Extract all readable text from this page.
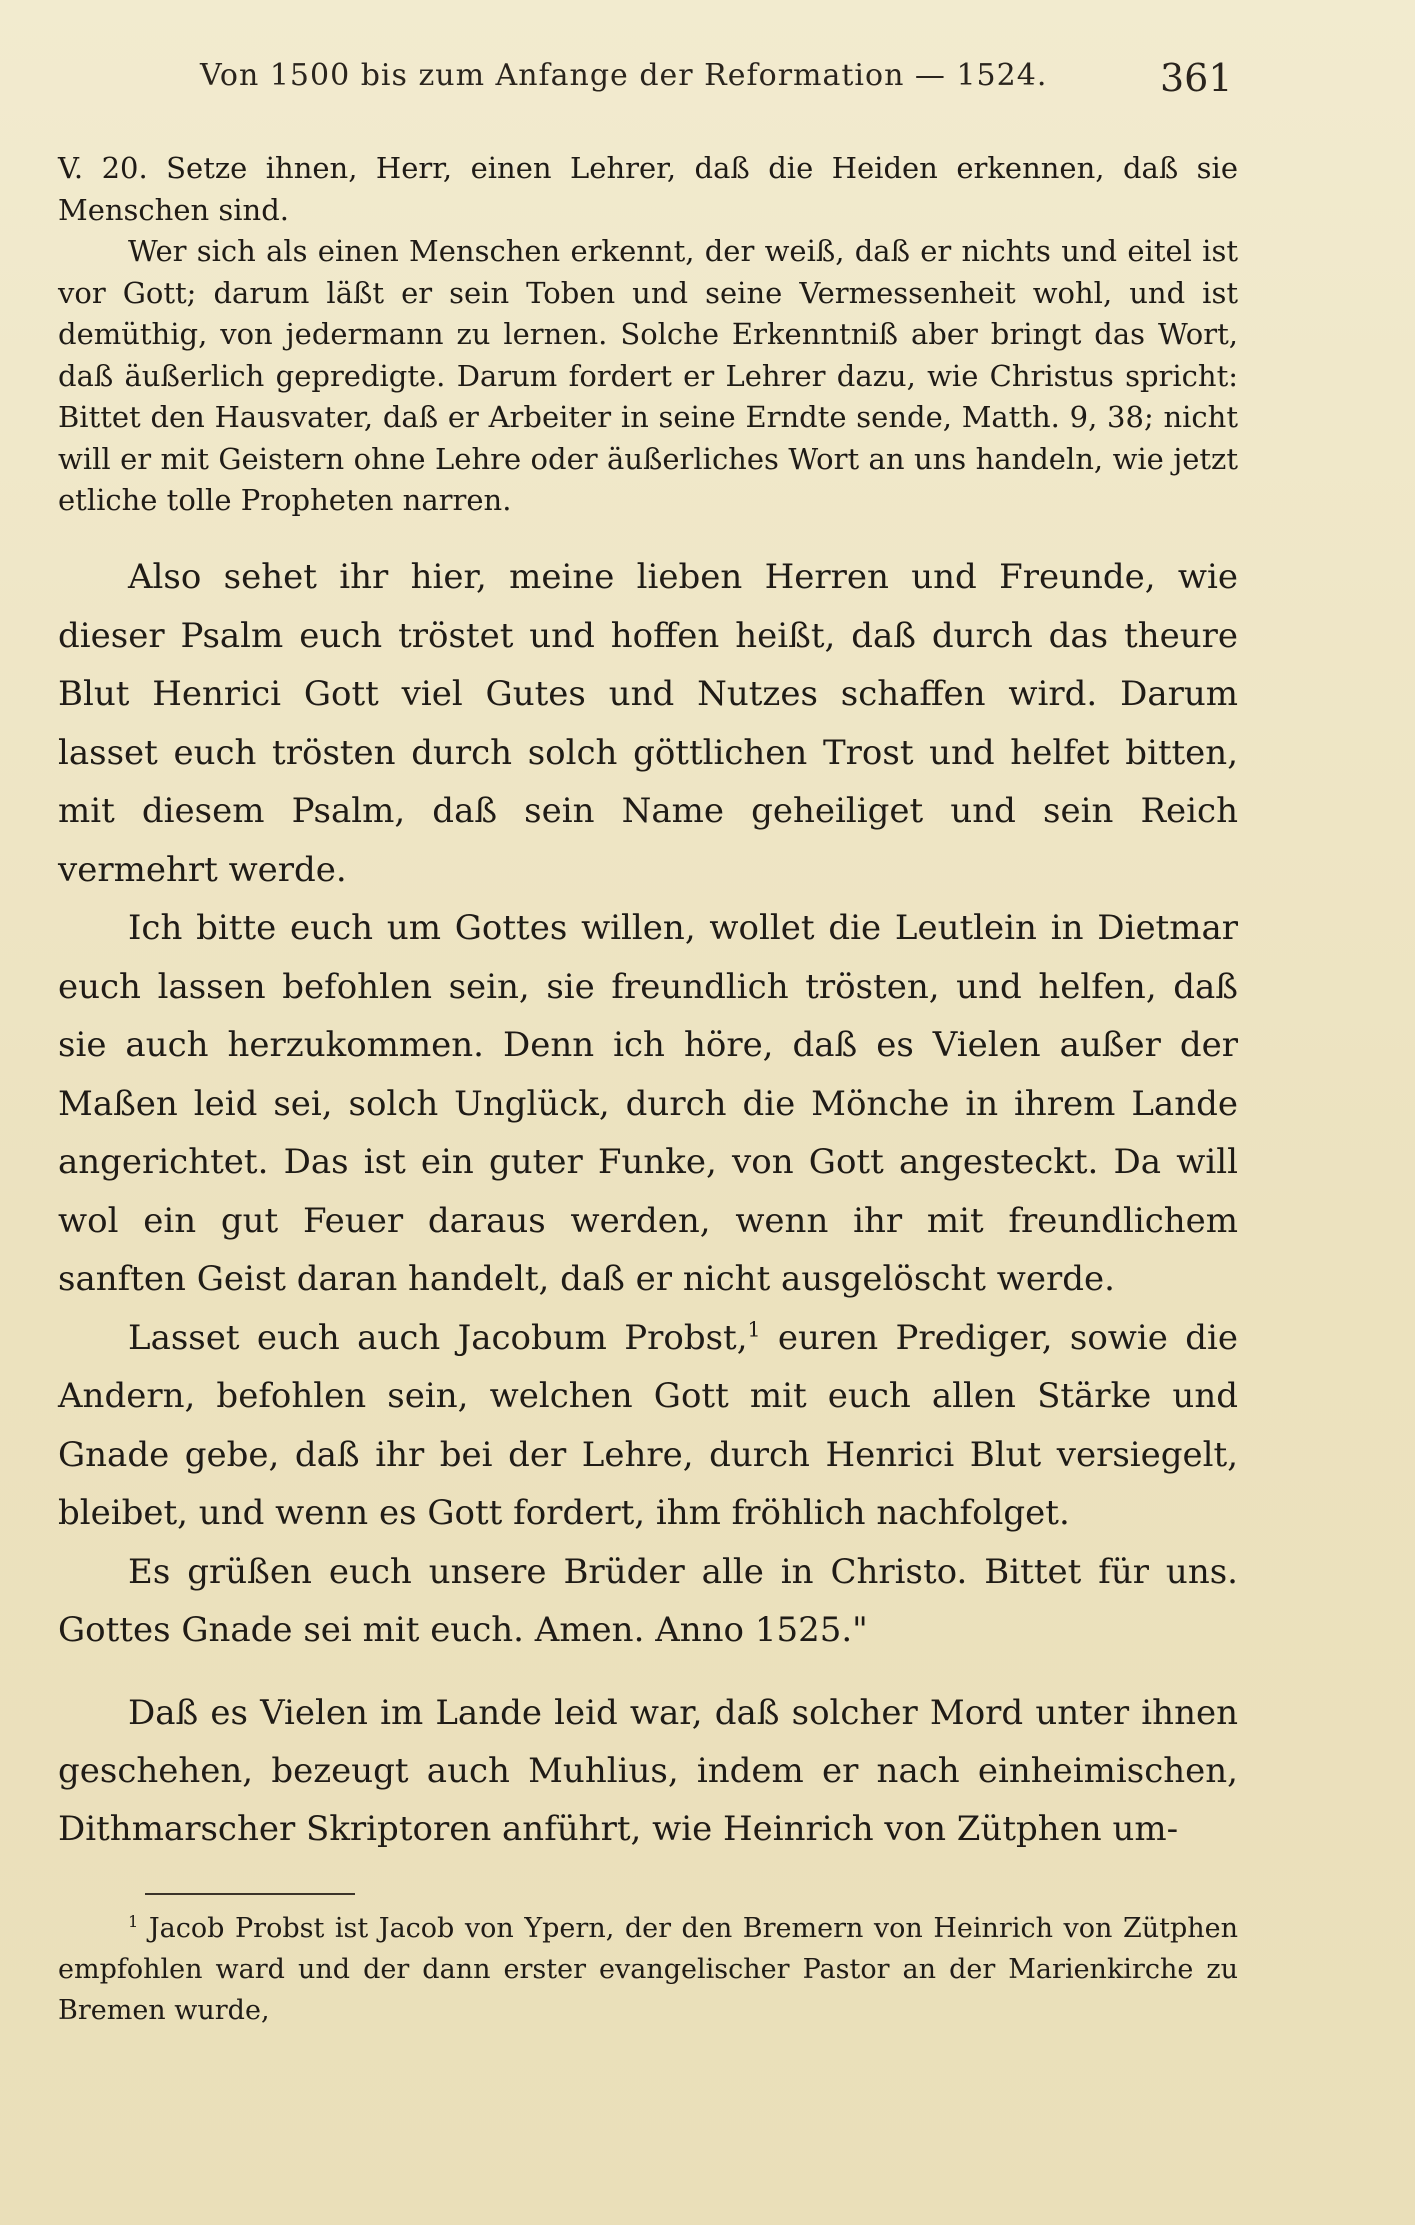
Von 1500 bis zum Anfange der Reformation — 1524.	361

V. 20. Setze ihnen, Herr, einen Lehrer, daß die Heiden erkennen, daß sie Menschen sind.

Wer sich als einen Menschen erkennt, der weiß, daß er nichts und eitel ist vor Gott; darum läßt er sein Toben und seine Vermessenheit wohl, und ist demüthig, von jedermann zu lernen. Solche Erkenntniß aber bringt das Wort, daß äußerlich gepredigte. Darum fordert er Lehrer dazu, wie Christus spricht: Bittet den Hausvater, daß er Arbeiter in seine Erndte sende, Matth. 9, 38; nicht will er mit Geistern ohne Lehre oder äußerliches Wort an uns handeln, wie jetzt etliche tolle Propheten narren.

Also sehet ihr hier, meine lieben Herren und Freunde, wie dieser Psalm euch tröstet und hoffen heißt, daß durch das theure Blut Henrici Gott viel Gutes und Nutzes schaffen wird. Darum lasset euch trösten durch solch göttlichen Trost und helfet bitten, mit diesem Psalm, daß sein Name geheiliget und sein Reich vermehrt werde.

Ich bitte euch um Gottes willen, wollet die Leutlein in Dietmar euch lassen befohlen sein, sie freundlich trösten, und helfen, daß sie auch herzukommen. Denn ich höre, daß es Vielen außer der Maßen leid sei, solch Unglück, durch die Mönche in ihrem Lande angerichtet. Das ist ein guter Funke, von Gott angesteckt. Da will wol ein gut Feuer daraus werden, wenn ihr mit freundlichem sanften Geist daran handelt, daß er nicht ausgelöscht werde.

Lasset euch auch Jacobum Probst,$^1$ euren Prediger, sowie die Andern, befohlen sein, welchen Gott mit euch allen Stärke und Gnade gebe, daß ihr bei der Lehre, durch Henrici Blut versiegelt, bleibet, und wenn es Gott fordert, ihm fröhlich nachfolget.

Es grüßen euch unsere Brüder alle in Christo. Bittet für uns. Gottes Gnade sei mit euch. Amen. Anno 1525."

Daß es Vielen im Lande leid war, daß solcher Mord unter ihnen geschehen, bezeugt auch Muhlius, indem er nach einheimischen, Dithmarscher Skriptoren anführt, wie Heinrich von Zütphen um-

$^1$ Jacob Probst ist Jacob von Ypern, der den Bremern von Heinrich von Zütphen empfohlen ward und der dann erster evangelischer Pastor an der Marienkirche zu Bremen wurde,
